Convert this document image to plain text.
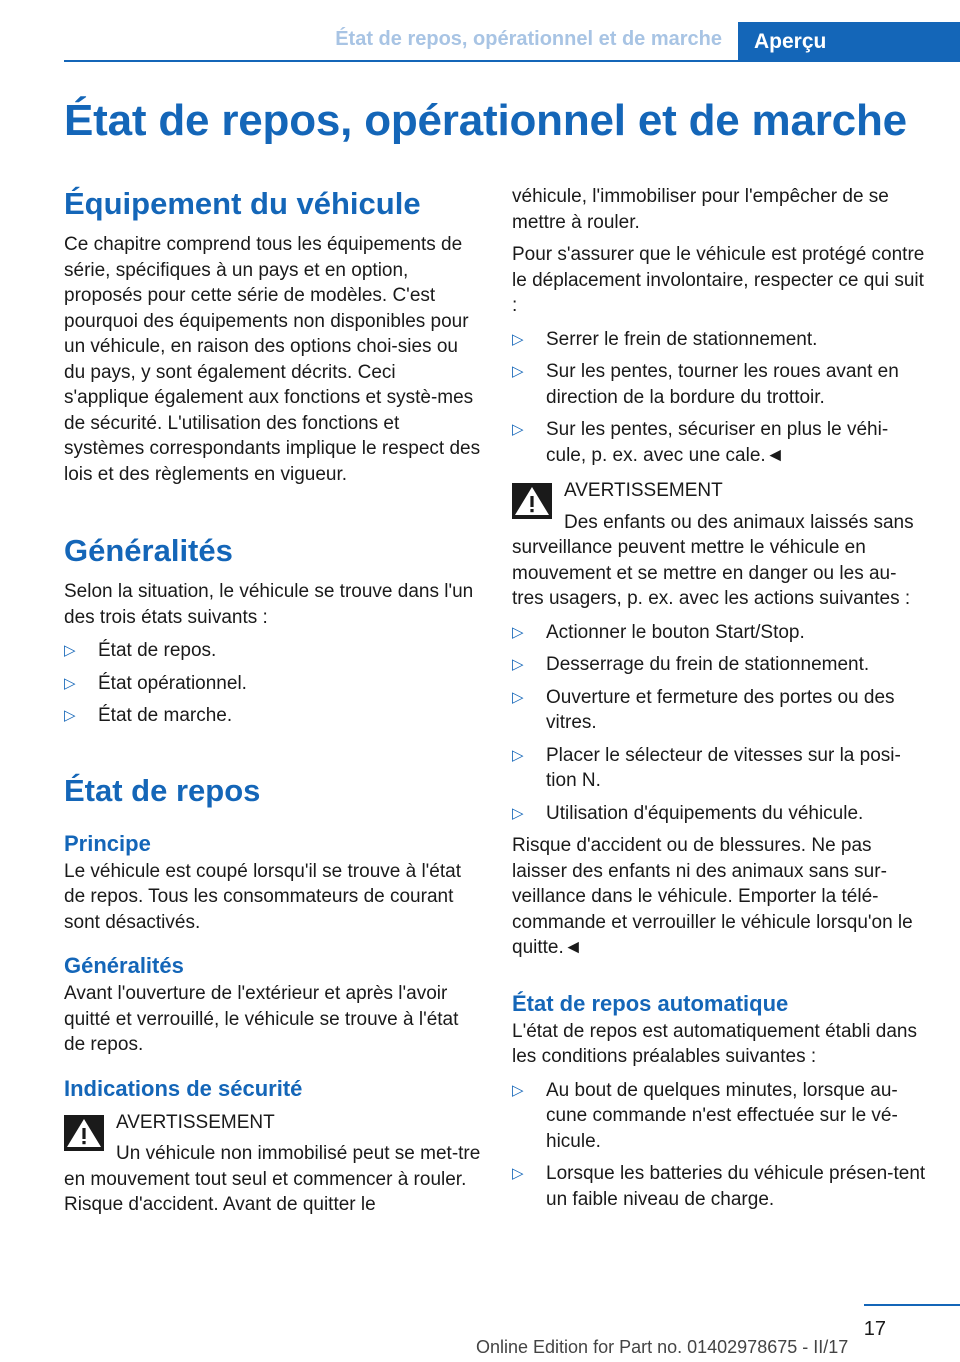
État de repos, opérationnel et de marche	Aperçu
État de repos, opérationnel et de marche
Équipement du véhicule

Ce chapitre comprend tous les équipements de série, spécifiques à un pays et en option, proposés pour cette série de modèles. C'est pourquoi des équipements non disponibles pour un véhicule, en raison des options choi-sies ou du pays, y sont également décrits. Ceci s'applique également aux fonctions et systè-mes de sécurité. L'utilisation des fonctions et systèmes correspondants implique le respect des lois et des règlements en vigueur.

Généralités

Selon la situation, le véhicule se trouve dans l'un des trois états suivants :

▷ État de repos.
▷ État opérationnel.
▷ État de marche.
État de repos
Principe

Le véhicule est coupé lorsqu'il se trouve à l'état de repos. Tous les consommateurs de courant sont désactivés.

Généralités

Avant l'ouverture de l'extérieur et après l'avoir quitté et verrouillé, le véhicule se trouve à l'état de repos.

Indications de sécurité

AVERTISSEMENT

Un véhicule non immobilisé peut se met-tre en mouvement tout seul et commencer à rouler. Risque d'accident. Avant de quitter le

véhicule, l'immobiliser pour l'empêcher de se mettre à rouler.

Pour s'assurer que le véhicule est protégé contre le déplacement involontaire, respecter ce qui suit :

▷ Serrer le frein de stationnement.
▷ Sur les pentes, tourner les roues avant en direction de la bordure du trottoir.
▷ Sur les pentes, sécuriser en plus le véhi-cule, p. ex. avec une cale.◄

AVERTISSEMENT

Des enfants ou des animaux laissés sans surveillance peuvent mettre le véhicule en mouvement et se mettre en danger ou les au-tres usagers, p. ex. avec les actions suivantes :

▷ Actionner le bouton Start/Stop.
▷ Desserrage du frein de stationnement.
▷ Ouverture et fermeture des portes ou des vitres.
▷ Placer le sélecteur de vitesses sur la posi-tion N.
▷ Utilisation d'équipements du véhicule.

Risque d'accident ou de blessures. Ne pas laisser des enfants ni des animaux sans sur-veillance dans le véhicule. Emporter la télé-commande et verrouiller le véhicule lorsqu'on le quitte.◄

État de repos automatique

L'état de repos est automatiquement établi dans les conditions préalables suivantes :

▷ Au bout de quelques minutes, lorsque au-cune commande n'est effectuée sur le vé-hicule.
▷ Lorsque les batteries du véhicule présen-tent un faible niveau de charge.
17
Online Edition for Part no. 01402978675 - II/17
